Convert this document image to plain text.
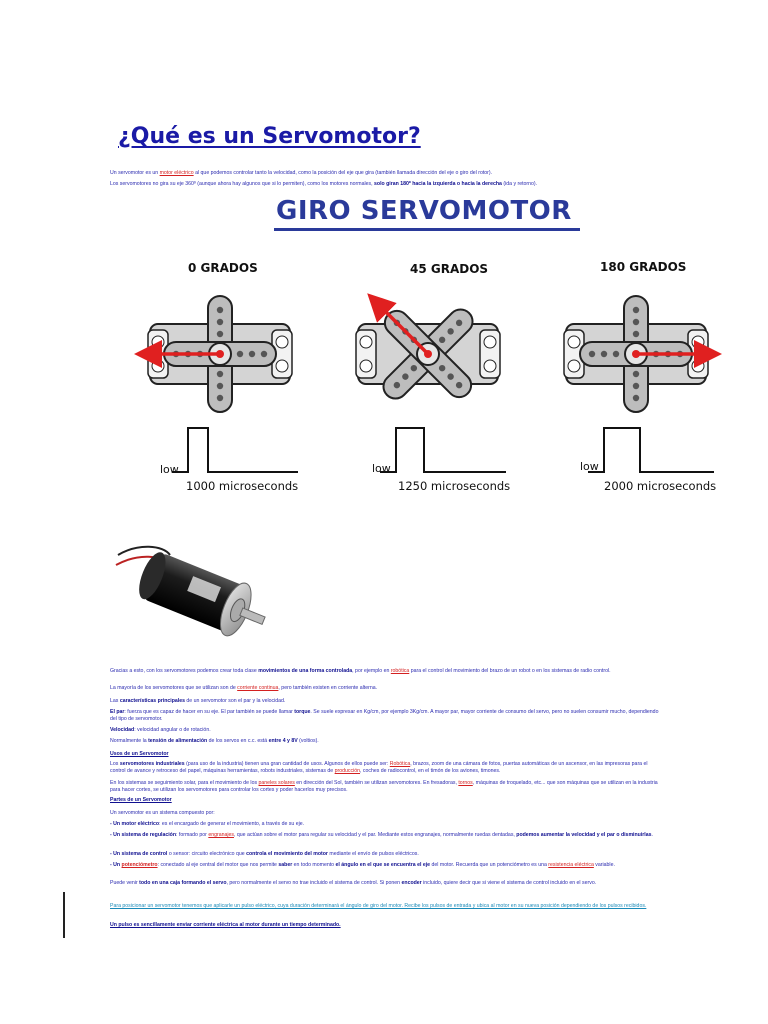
¿Qué es un Servomotor?

Un servomotor es un motor eléctrico al que podemos controlar tanto la velocidad, como la posición del eje que gira (también llamada dirección del eje o giro del rotor).

Los servomotores no gira su eje 360º (aunque ahora hay algunos que si lo permiten), como los motores normales, solo giran 180º hacia la izquierda o hacia la derecha (ida y retorno).

GIRO SERVOMOTOR
0 GRADOS	45 GRADOS	180 GRADOS
low	low	low
1000 microseconds	1250 microseconds	2000 microseconds

Gracias a esto, con los servomotores podemos crear toda clase movimientos de una forma controlada, por ejemplo en robótica para el control del movimiento del brazo de un robot o en los sistemas de radio control.

La mayoría de los servomotores que se utilizan son de corriente continua, pero también existen en corriente alterna.

Las características principales de un servomotor son el par y la velocidad.

El par: fuerza que es capaz de hacer en su eje. El par también se puede llamar torque. Se suele expresar en Kg/cm, por ejemplo 3Kg/cm. A mayor par, mayor corriente de consumo del servo, pero no suelen consumir mucho, dependiendo del tipo de servomotor.

Velocidad: velocidad angular o de rotación.

Normalmente la tensión de alimentación de los servos en c.c. está entre 4 y 8V (voltios).

Usos de un Servomotor

Los servomotores industriales (para uso de la industria) tienen una gran cantidad de usos. Algunos de ellos puede ser: Robótica, brazos, zoom de una cámara de fotos, puertas automáticas de un ascensor, en las impresoras para el control de avance y retroceso del papel, máquinas herramientas, robots industriales, sistemas de producción, coches de radiocontrol, en el timón de los aviones, timones.

En los sistemas se seguimiento solar, para el movimiento de los paneles solares en dirección del Sol, también se utilizan servomotores. En fresadoras, tornos, máquinas de troquelado, etc... que son máquinas que se utilizan en la industria para hacer cortes, se utilizan los servomotores para controlar los cortes y poder hacerlos muy precisos.

Partes de un Servomotor

Un servomotor es un sistema compuesto por:

- Un motor eléctrico: es el encargado de generar el movimiento, a través de su eje.

- Un sistema de regulación: formado por engranajes, que actúan sobre el motor para regular su velocidad y el par. Mediante estos engranajes, normalmente ruedas dentadas, podemos aumentar la velocidad y el par o disminuirlas.

- Un sistema de control o sensor: circuito electrónico que controla el movimiento del motor mediante el envío de pulsos eléctricos.

- Un potenciómetro: conectado al eje central del motor que nos permite saber en todo momento el ángulo en el que se encuentra el eje del motor. Recuerda que un potenciómetro es una resistencia eléctrica variable.

Puede venir todo en una caja formando el servo, pero normalmente el servo no trae incluido el sistema de control. Si ponen encoder incluido, quiere decir que si viene el sistema de control incluido en el servo.

Para posicionar un servomotor tenemos que aplicarle un pulso eléctrico, cuya duración determinará el ángulo de giro del motor. Recibe los pulsos de entrada y ubica al motor en su nueva posición dependiendo de los pulsos recibidos.

Un pulso es sencillamente enviar corriente eléctrica al motor durante un tiempo determinado.
